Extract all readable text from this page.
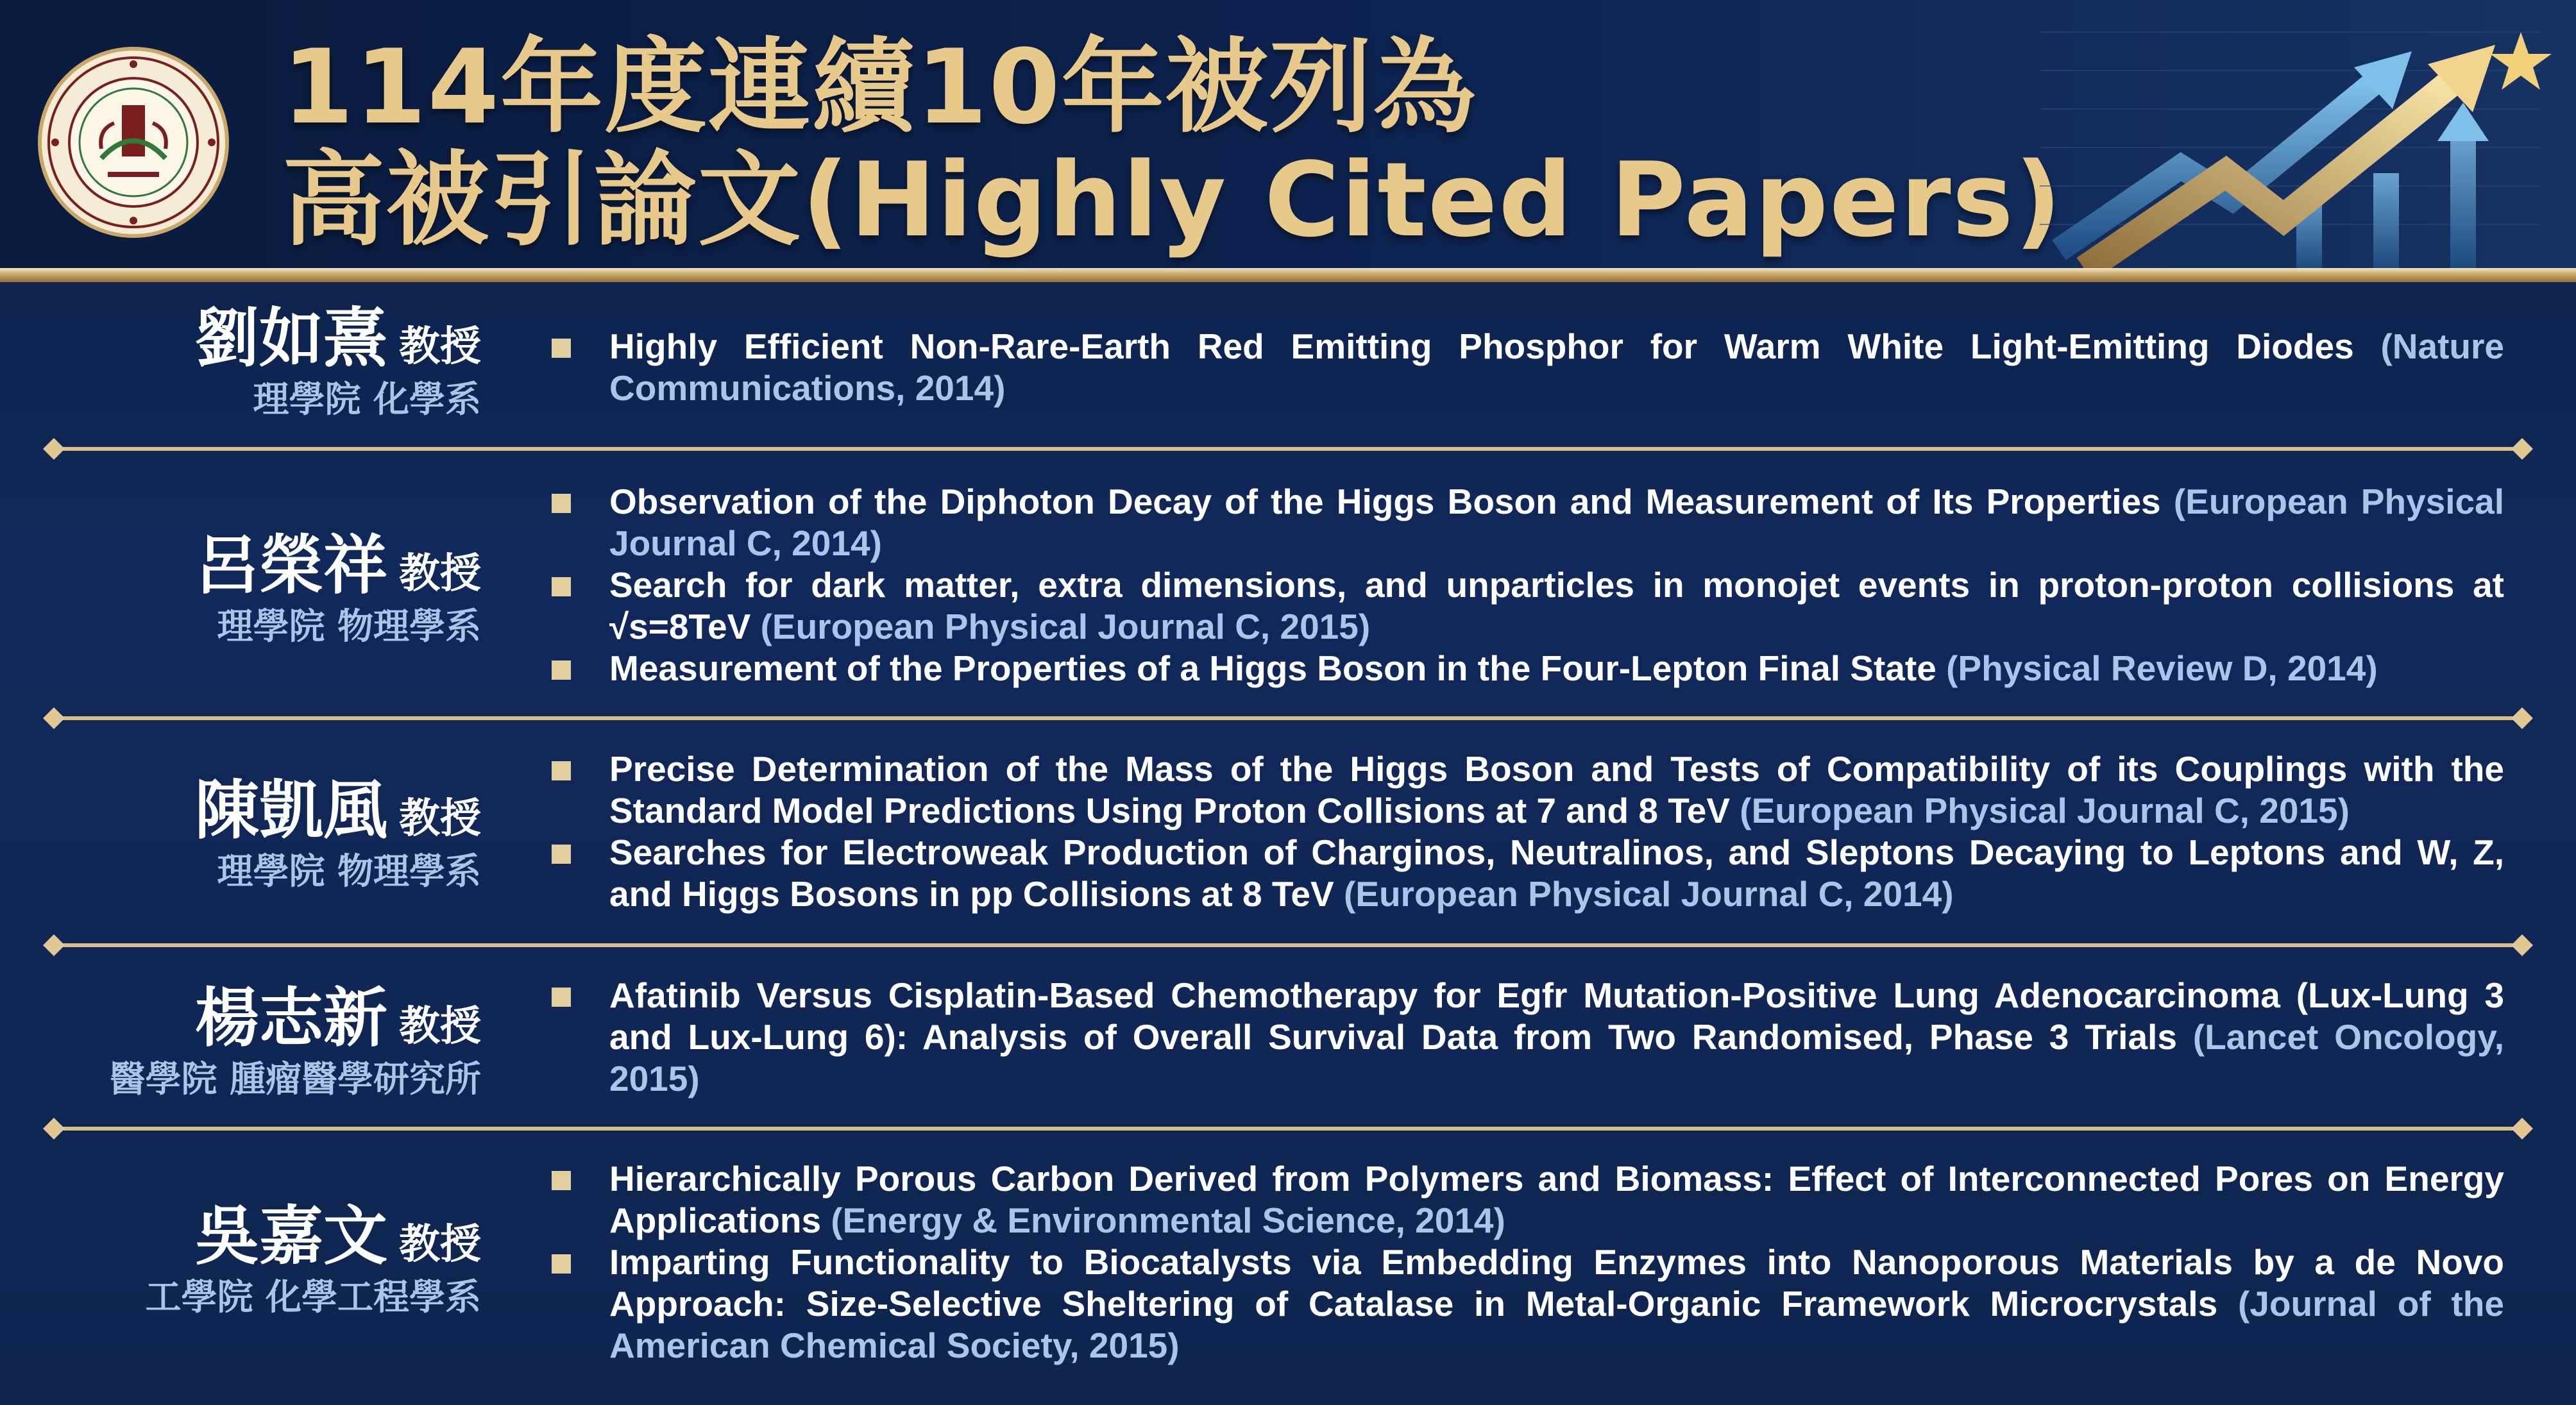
114年度連續10年被列為
高被引論文(Highly Cited Papers)
劉如熹 教授
理學院 化學系
Highly Efficient Non-Rare-Earth Red Emitting Phosphor for Warm White Light-Emitting Diodes (Nature Communications, 2014)
呂榮祥 教授
理學院 物理學系
Observation of the Diphoton Decay of the Higgs Boson and Measurement of Its Properties (European Physical Journal C, 2014)
Search for dark matter, extra dimensions, and unparticles in monojet events in proton-proton collisions at √s=8TeV (European Physical Journal C, 2015)
Measurement of the Properties of a Higgs Boson in the Four-Lepton Final State (Physical Review D, 2014)
陳凱風 教授
理學院 物理學系
Precise Determination of the Mass of the Higgs Boson and Tests of Compatibility of its Couplings with the Standard Model Predictions Using Proton Collisions at 7 and 8 TeV (European Physical Journal C, 2015)
Searches for Electroweak Production of Charginos, Neutralinos, and Sleptons Decaying to Leptons and W, Z, and Higgs Bosons in pp Collisions at 8 TeV (European Physical Journal C, 2014)
楊志新 教授
醫學院 腫瘤醫學研究所
Afatinib Versus Cisplatin-Based Chemotherapy for Egfr Mutation-Positive Lung Adenocarcinoma (Lux-Lung 3 and Lux-Lung 6): Analysis of Overall Survival Data from Two Randomised, Phase 3 Trials (Lancet Oncology, 2015)
吳嘉文 教授
工學院 化學工程學系
Hierarchically Porous Carbon Derived from Polymers and Biomass: Effect of Interconnected Pores on Energy Applications (Energy & Environmental Science, 2014)
Imparting Functionality to Biocatalysts via Embedding Enzymes into Nanoporous Materials by a de Novo Approach: Size-Selective Sheltering of Catalase in Metal-Organic Framework Microcrystals (Journal of the American Chemical Society, 2015)
